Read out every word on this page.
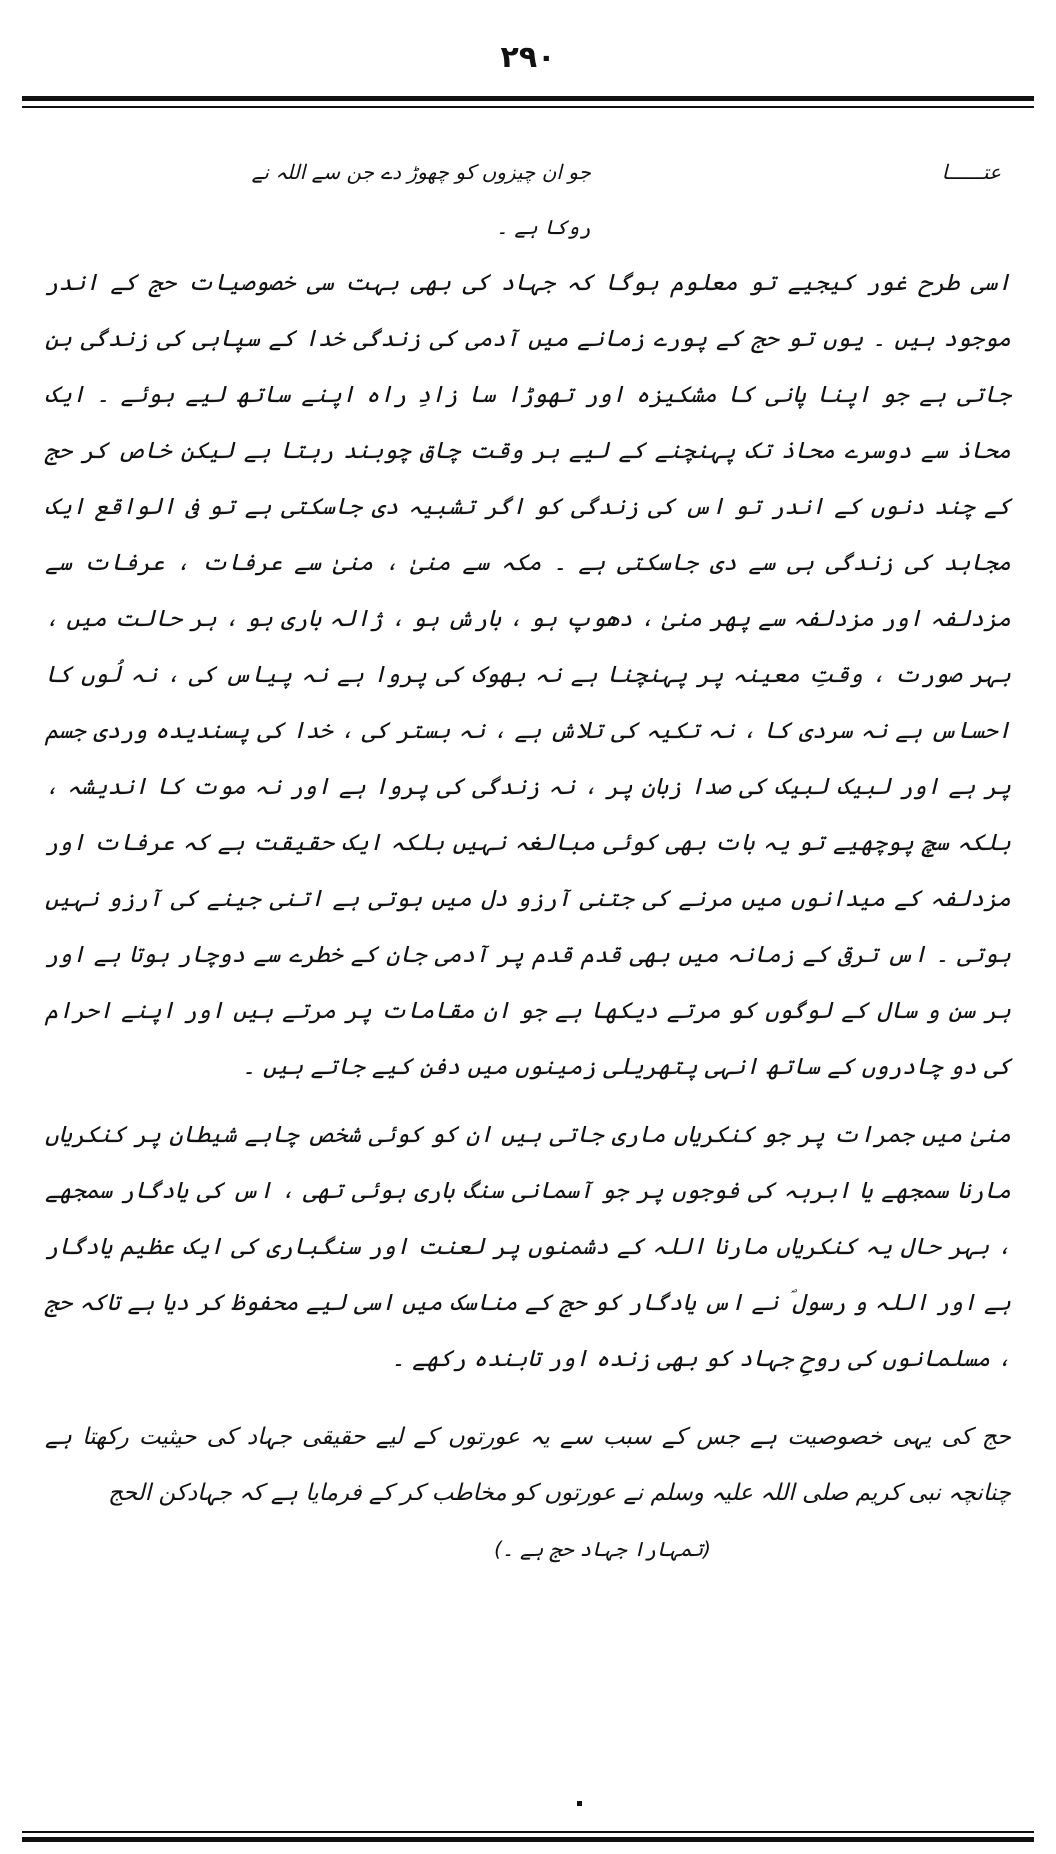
۲۹۰
عتــــــا
جو ان چیزوں کو چھوڑ دے جن سے اللہ نے
روکا ہے ۔

اسی طرح غور کیجیے تو معلوم ہوگا کہ جہاد کی بھی بہت سی خصوصیات حج کے اندر موجود ہیں ۔ یوں تو حج کے پورے زمانے میں آدمی کی زندگی خدا کے سپاہی کی زندگی بن جاتی ہے جو اپنا پانی کا مشکیزہ اور تھوڑا سا زادِ راہ اپنے ساتھ لیے ہوئے ۔ ایک محاذ سے دوسرے محاذ تک پہنچنے کے لیے ہر وقت چاق چوبند رہتا ہے لیکن خاص کر حج کے چند دنوں کے اندر تو اس کی زندگی کو اگر تشبیہ دی جاسکتی ہے تو فی الواقع ایک مجاہد کی زندگی ہی سے دی جاسکتی ہے ۔ مکہ سے منیٰ ، منیٰ سے عرفات ، عرفات سے مزدلفہ اور مزدلفہ سے پھر منیٰ ، دھوپ ہو ، بارش ہو ، ژالہ باری ہو ، ہر حالت میں ، بہر صورت ، وقتِ معینہ پر پہنچنا ہے نہ بھوک کی پروا ہے نہ پیاس کی ، نہ لُوں کا احساس ہے نہ سردی کا ، نہ تکیہ کی تلاش ہے ، نہ بستر کی ، خدا کی پسندیدہ وردی جسم پر ہے اور لبیک لبیک کی صدا زبان پر ، نہ زندگی کی پروا ہے اور نہ موت کا اندیشہ ، بلکہ سچ پوچھیے تو یہ بات بھی کوئی مبالغہ نہیں بلکہ ایک حقیقت ہے کہ عرفات اور مزدلفہ کے میدانوں میں مرنے کی جتنی آرزو دل میں ہوتی ہے اتنی جینے کی آرزو نہیں ہوتی ۔ اس ترقی کے زمانہ میں بھی قدم قدم پر آدمی جان کے خطرے سے دوچار ہوتا ہے اور ہر سن و سال کے لوگوں کو مرتے دیکھا ہے جو ان مقامات پر مرتے ہیں اور اپنے احرام کی دو چادروں کے ساتھ انہی پتھریلی زمینوں میں دفن کیے جاتے ہیں ۔

منیٰ میں جمرات پر جو کنکریاں ماری جاتی ہیں ان کو کوئی شخص چاہے شیطان پر کنکریاں مارنا سمجھے یا ابرہہ کی فوجوں پر جو آسمانی سنگ باری ہوئی تھی ، اس کی یادگار سمجھے ، بہر حال یہ کنکریاں مارنا اللہ کے دشمنوں پر لعنت اور سنگباری کی ایک عظیم یادگار ہے اور اللہ و رسول ؐ نے اس یادگار کو حج کے مناسک میں اسی لیے محفوظ کر دیا ہے تاکہ حج ، مسلمانوں کی روحِ جہاد کو بھی زندہ اور تابندہ رکھے ۔

حج کی یہی خصوصیت ہے جس کے سبب سے یہ عورتوں کے لیے حقیقی جہاد کی حیثیت رکھتا ہے چنانچہ نبی کریم صلی اللہ علیہ وسلم نے عورتوں کو مخاطب کر کے فرمایا ہے کہ جہادکن الحج

(تمہارا جہاد حج ہے ۔)
